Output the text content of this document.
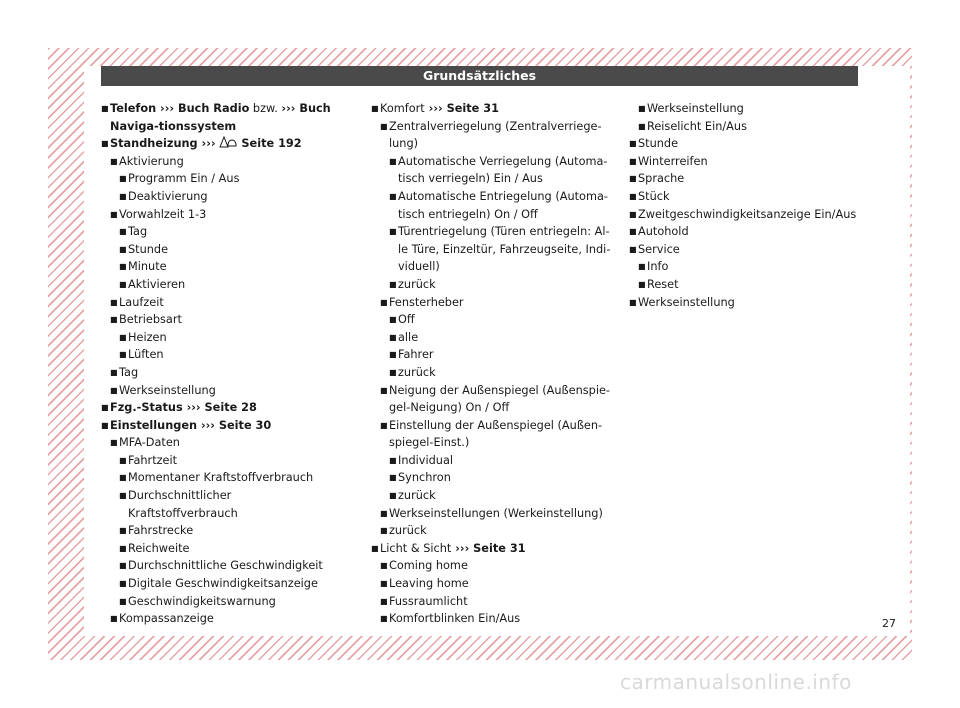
Grundsätzliches
■ Telefon ››› Buch Radio bzw. ››› Buch Naviga-tionssystem
■ Standheizung ›››  Seite 192
■ Aktivierung
■ Programm Ein / Aus
■ Deaktivierung
■ Vorwahlzeit 1-3
■ Tag
■ Stunde
■ Minute
■ Aktivieren
■ Laufzeit
■ Betriebsart
■ Heizen
■ Lüften
■ Tag
■ Werkseinstellung
■ Fzg.-Status ››› Seite 28
■ Einstellungen ››› Seite 30
■ MFA-Daten
■ Fahrtzeit
■ Momentaner Kraftstoffverbrauch
■ Durchschnittlicher Kraftstoffverbrauch
■ Fahrstrecke
■ Reichweite
■ Durchschnittliche Geschwindigkeit
■ Digitale Geschwindigkeitsanzeige
■ Geschwindigkeitswarnung
■ Kompassanzeige
■ Komfort ››› Seite 31
■ Zentralverriegelung (Zentralverriege-lung)
■ Automatische Verriegelung (Automa-tisch verriegeln) Ein / Aus
■ Automatische Entriegelung (Automa-tisch entriegeln) On / Off
■ Türentriegelung (Türen entriegeln: Al-le Türe, Einzeltür, Fahrzeugseite, Indi-viduell)
■ zurück
■ Fensterheber
■ Off
■ alle
■ Fahrer
■ zurück
■ Neigung der Außenspiegel (Außenspie-gel-Neigung) On / Off
■ Einstellung der Außenspiegel (Außen-spiegel-Einst.)
■ Individual
■ Synchron
■ zurück
■ Werkseinstellungen (Werkeinstellung)
■ zurück
■ Licht & Sicht ››› Seite 31
■ Coming home
■ Leaving home
■ Fussraumlicht
■ Komfortblinken Ein/Aus
■ Werkseinstellung
■ Reiselicht Ein/Aus
■ Stunde
■ Winterreifen
■ Sprache
■ Stück
■ Zweitgeschwindigkeitsanzeige Ein/Aus
■ Autohold
■ Service
■ Info
■ Reset
■ Werkseinstellung
27
carmanualsonline.info
